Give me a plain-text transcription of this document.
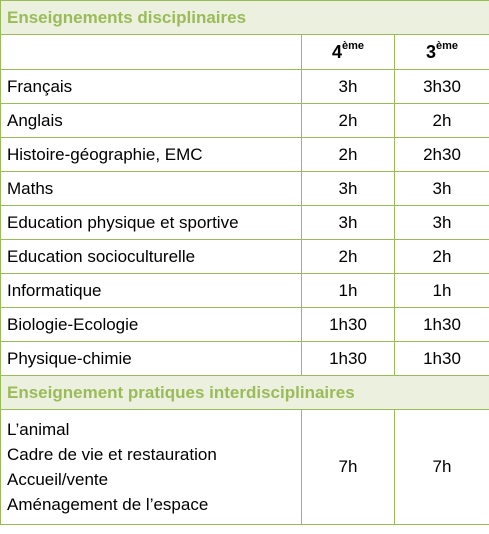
Enseignements disciplinaires		
	4ème	3ème
Français	3h	3h30
Anglais	2h	2h
Histoire-géographie, EMC	2h	2h30
Maths	3h	3h
Education physique et sportive	3h	3h
Education socioculturelle	2h	2h
Informatique	1h	1h
Biologie-Ecologie	1h30	1h30
Physique-chimie	1h30	1h30
Enseignement pratiques interdisciplinaires		

L’animal
Cadre de vie et restauration
Accueil/vente
Aménagement de l’espace	7h	7h
